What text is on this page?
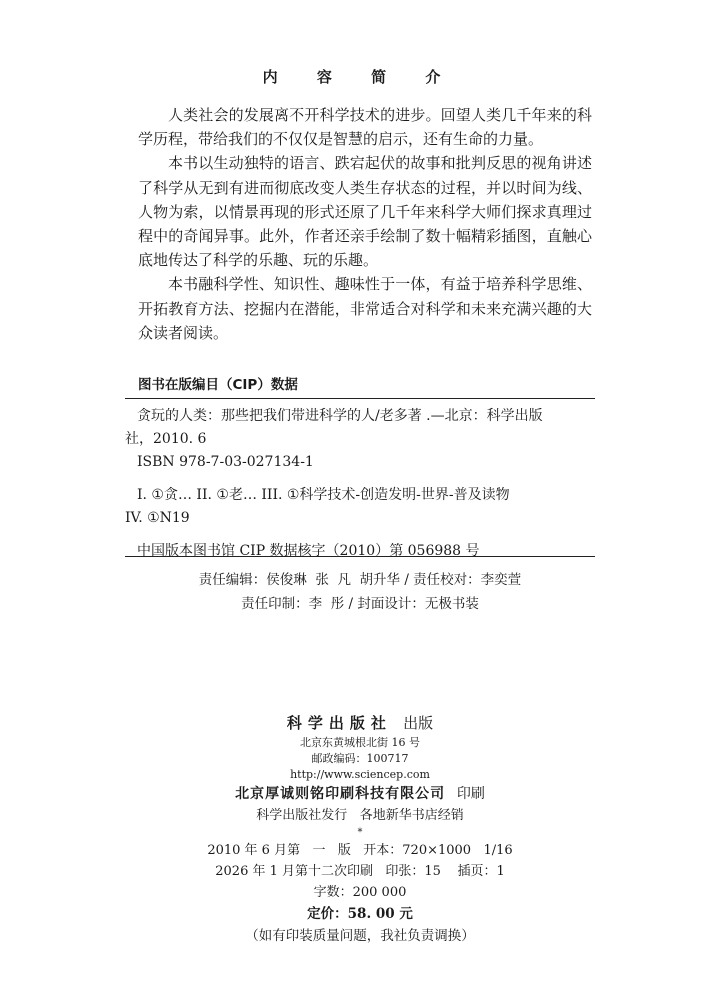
内 容 简 介

人类社会的发展离不开科学技术的进步。回望人类几千年来的科学历程，带给我们的不仅仅是智慧的启示，还有生命的力量。

本书以生动独特的语言、跌宕起伏的故事和批判反思的视角讲述了科学从无到有进而彻底改变人类生存状态的过程，并以时间为线、人物为索，以情景再现的形式还原了几千年来科学大师们探求真理过程中的奇闻异事。此外，作者还亲手绘制了数十幅精彩插图，直触心底地传达了科学的乐趣、玩的乐趣。

本书融科学性、知识性、趣味性于一体，有益于培养科学思维、开拓教育方法、挖掘内在潜能，非常适合对科学和未来充满兴趣的大众读者阅读。

图书在版编目（CIP）数据
贪玩的人类：那些把我们带进科学的人/老多著 .—北京：科学出版
社，2010. 6
ISBN 978-7-03-027134-1
I. ①贪… II. ①老… III. ①科学技术-创造发明-世界-普及读物
IV. ①N19
中国版本图书馆 CIP 数据核字（2010）第 056988 号
责任编辑：侯俊琳  张  凡  胡升华 / 责任校对：李奕萱
责任印制：李  彤 / 封面设计：无极书装
科学出版社 出版
北京东黄城根北街 16 号
邮政编码：100717
http://www.sciencep.com
北京厚诚则铭印刷科技有限公司 印刷
科学出版社发行   各地新华书店经销
*
2010 年 6 月第   一   版   开本：720×1000   1/16
2026 年 1 月第十二次印刷   印张：15    插页：1
字数：200 000
定价：58. 00 元
（如有印装质量问题，我社负责调换）
